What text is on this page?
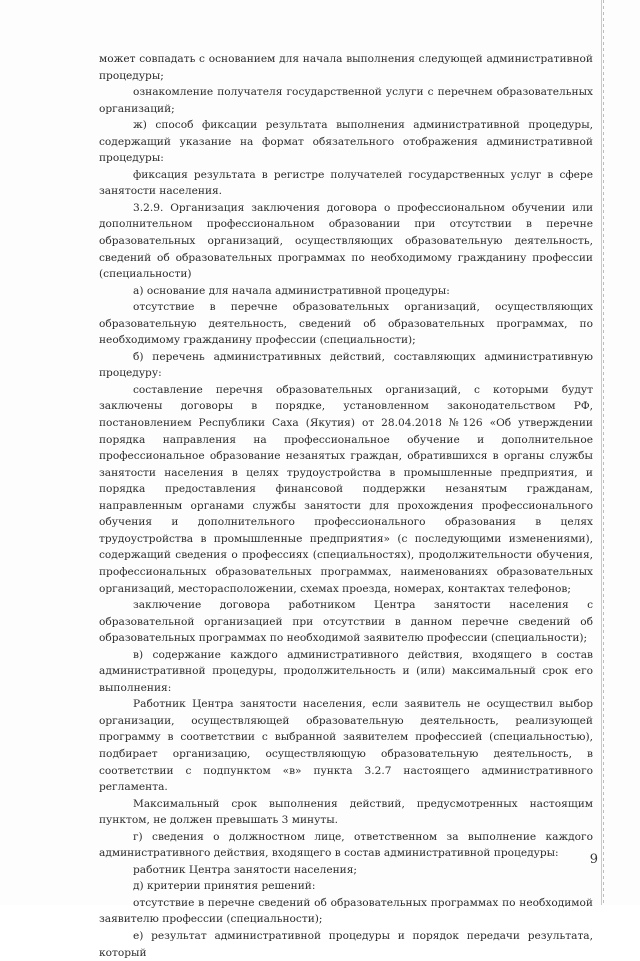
может совпадать с основанием для начала выполнения следующей административной процедуры;

ознакомление получателя государственной услуги с перечнем образовательных организаций;

ж) способ фиксации результата выполнения административной процедуры, содержащий указание на формат обязательного отображения административной процедуры:

фиксация результата в регистре получателей государственных услуг в сфере занятости населения.

3.2.9. Организация заключения договора о профессиональном обучении или дополнительном профессиональном образовании при отсутствии в перечне образовательных организаций, осуществляющих образовательную деятельность, сведений об образовательных программах по необходимому гражданину профессии (специальности)

а) основание для начала административной процедуры:

отсутствие в перечне образовательных организаций, осуществляющих образовательную деятельность, сведений об образовательных программах, по необходимому гражданину профессии (специальности);

б) перечень административных действий, составляющих административную процедуру:

составление перечня образовательных организаций, с которыми будут заключены договоры в порядке, установленном законодательством РФ, постановлением Республики Саха (Якутия) от 28.04.2018 №126 «Об утверждении порядка направления на профессиональное обучение и дополнительное профессиональное образование незанятых граждан, обратившихся в органы службы занятости населения в целях трудоустройства в промышленные предприятия, и порядка предоставления финансовой поддержки незанятым гражданам, направленным органами службы занятости для прохождения профессионального обучения и дополнительного профессионального образования в целях трудоустройства в промышленные предприятия» (с последующими изменениями), содержащий сведения о профессиях (специальностях), продолжительности обучения, профессиональных образовательных программах, наименованиях образовательных организаций, месторасположении, схемах проезда, номерах, контактах телефонов;

заключение договора работником Центра занятости населения с образовательной организацией при отсутствии в данном перечне сведений об образовательных программах по необходимой заявителю профессии (специальности);

в) содержание каждого административного действия, входящего в состав административной процедуры, продолжительность и (или) максимальный срок его выполнения:

Работник Центра занятости населения, если заявитель не осуществил выбор организации, осуществляющей образовательную деятельность, реализующей программу в соответствии с выбранной заявителем профессией (специальностью), подбирает организацию, осуществляющую образовательную деятельность, в соответствии с подпунктом «в» пункта 3.2.7 настоящего административного регламента.

Максимальный срок выполнения действий, предусмотренных настоящим пунктом, не должен превышать 3 минуты.

г) сведения о должностном лице, ответственном за выполнение каждого административного действия, входящего в состав административной процедуры:

работник Центра занятости населения;

д) критерии принятия решений:

отсутствие в перечне сведений об образовательных программах по необходимой заявителю профессии (специальности);

е) результат административной процедуры и порядок передачи результата, который

9
